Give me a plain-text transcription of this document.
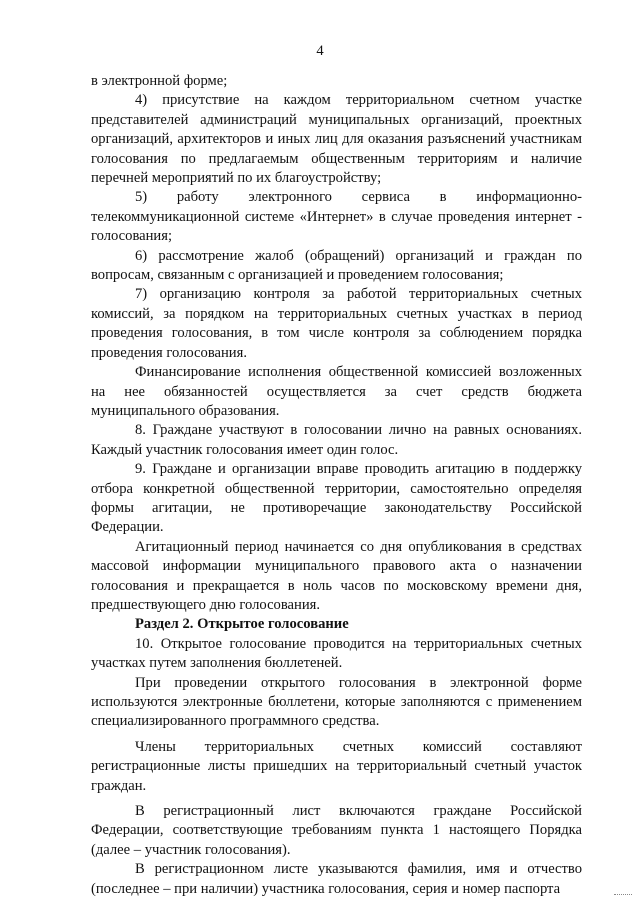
4

в электронной форме;

4) присутствие на каждом территориальном счетном участке представителей администраций муниципальных организаций, проектных организаций, архитекторов и иных лиц для оказания разъяснений участникам голосования по предлагаемым общественным территориям и наличие перечней мероприятий по их благоустройству;

5) работу электронного сервиса в информационно-телекоммуникационной системе «Интернет» в случае проведения интернет - голосования;

6) рассмотрение жалоб (обращений) организаций и граждан по вопросам, связанным с организацией и проведением голосования;

7) организацию контроля за работой территориальных счетных комиссий, за порядком на территориальных счетных участках в период проведения голосования, в том числе контроля за соблюдением порядка проведения голосования.

Финансирование исполнения общественной комиссией возложенных на нее обязанностей осуществляется за счет средств бюджета муниципального образования.

8. Граждане участвуют в голосовании лично на равных основаниях. Каждый участник голосования имеет один голос.

9. Граждане и организации вправе проводить агитацию в поддержку отбора конкретной общественной территории, самостоятельно определяя формы агитации, не противоречащие законодательству Российской Федерации.

Агитационный период начинается со дня опубликования в средствах массовой информации муниципального правового акта о назначении голосования и прекращается в ноль часов по московскому времени дня, предшествующего дню голосования.

Раздел 2. Открытое голосование

10. Открытое голосование проводится на территориальных счетных участках путем заполнения бюллетеней.

При проведении открытого голосования в электронной форме используются электронные бюллетени, которые заполняются с применением специализированного программного средства.

Члены территориальных счетных комиссий составляют регистрационные листы пришедших на территориальный счетный участок граждан.

В регистрационный лист включаются граждане Российской Федерации, соответствующие требованиям пункта 1 настоящего Порядка (далее – участник голосования).

В регистрационном листе указываются фамилия, имя и отчество (последнее – при наличии) участника голосования, серия и номер паспорта
